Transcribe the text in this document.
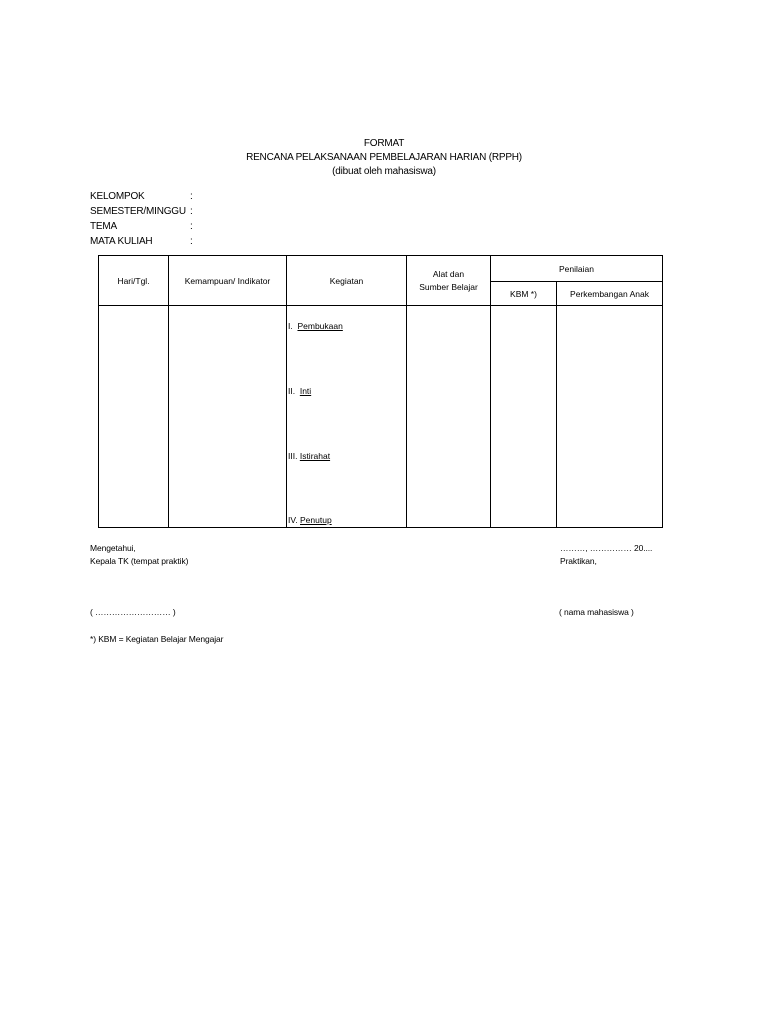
FORMAT
RENCANA PELAKSANAAN PEMBELAJARAN HARIAN (RPPH)
(dibuat oleh mahasiswa)
KELOMPOK	:
SEMESTER/MINGGU :
TEMA	:
MATA KULIAH	:
Hari/Tgl.	Kemampuan/ Indikator	Kegiatan	Alat dan Sumber Belajar	Penilaian	
				KBM *)	Perkembangan Anak

I. Pembukaan
II. Inti
III. Istirahat
IV. Penutup
Mengetahui,
Kepala TK (tempat praktik)
( ……………………… )
………, …………… 20....
Praktikan,
( nama mahasiswa )
*) KBM = Kegiatan Belajar Mengajar
